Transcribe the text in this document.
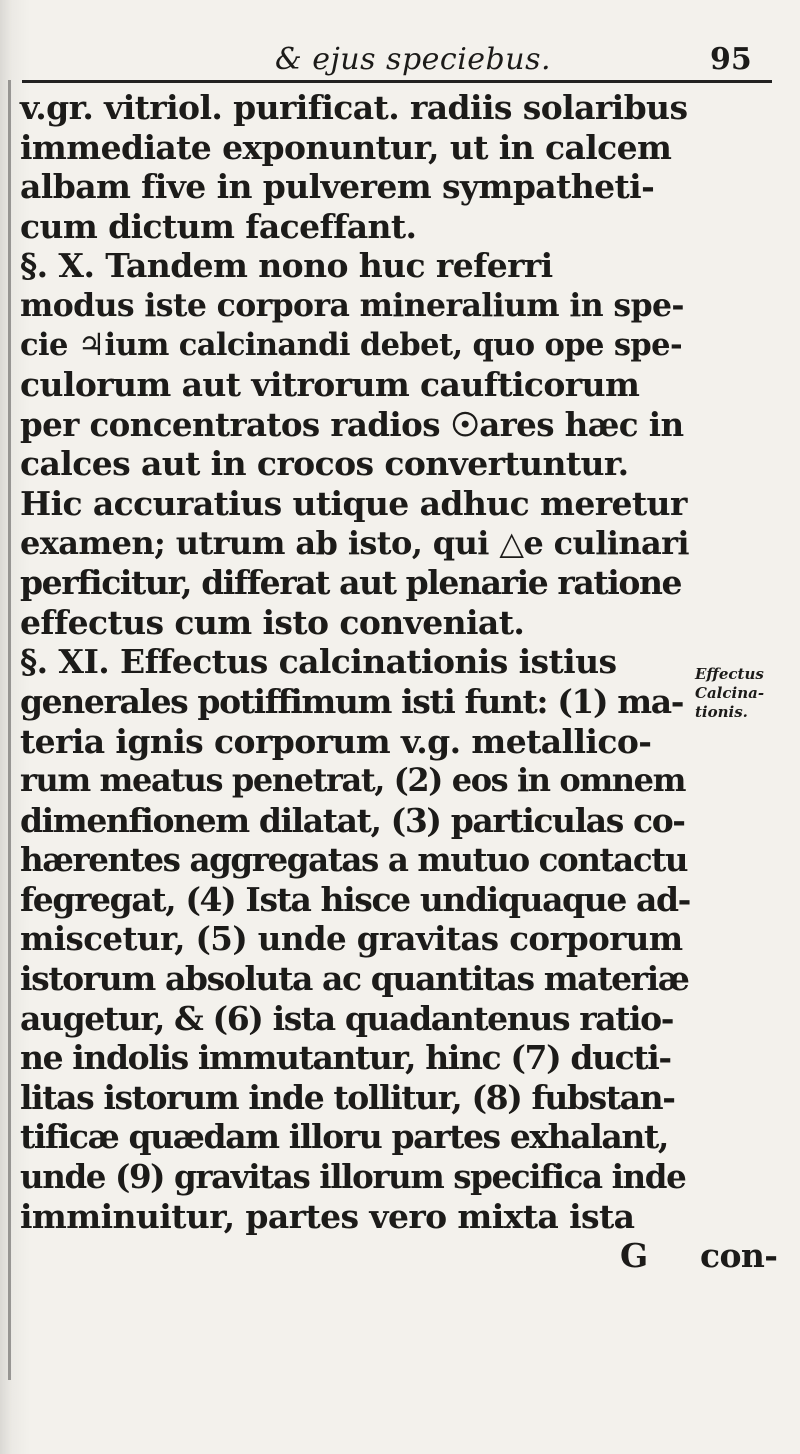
& ejus speciebus.	95
v.gr. vitriol. purificat. radiis solaribus
immediate exponuntur, ut in calcem
albam five in pulverem sympatheti-
cum dictum faceffant.
§. X. Tandem nono huc referri
modus iste corpora mineralium in spe-
cie ♃ium calcinandi debet, quo ope spe-
culorum aut vitrorum caufticorum
per concentratos radios ☉ares hæc in
calces aut in crocos convertuntur.
Hic accuratius utique adhuc meretur
examen; utrum ab isto, qui △e culinari
perficitur, differat aut plenarie ratione
effectus cum isto conveniat.
§. XI. Effectus calcinationis istius
generales potiffimum isti funt: (1) ma-
teria ignis corporum v.g. metallico-
rum meatus penetrat, (2) eos in omnem
dimenfionem dilatat, (3) particulas co-
hærentes aggregatas a mutuo contactu
fegregat, (4) Ista hisce undiquaque ad-
miscetur, (5) unde gravitas corporum
istorum absoluta ac quantitas materiæ
augetur, & (6) ista quadantenus ratio-
ne indolis immutantur, hinc (7) ducti-
litas istorum inde tollitur, (8) fubstan-
tificæ quædam illoru partes exhalant,
unde (9) gravitas illorum specifica inde
imminuitur, partes vero mixta ista
G con-
Effectus
Calcina-
tionis.
